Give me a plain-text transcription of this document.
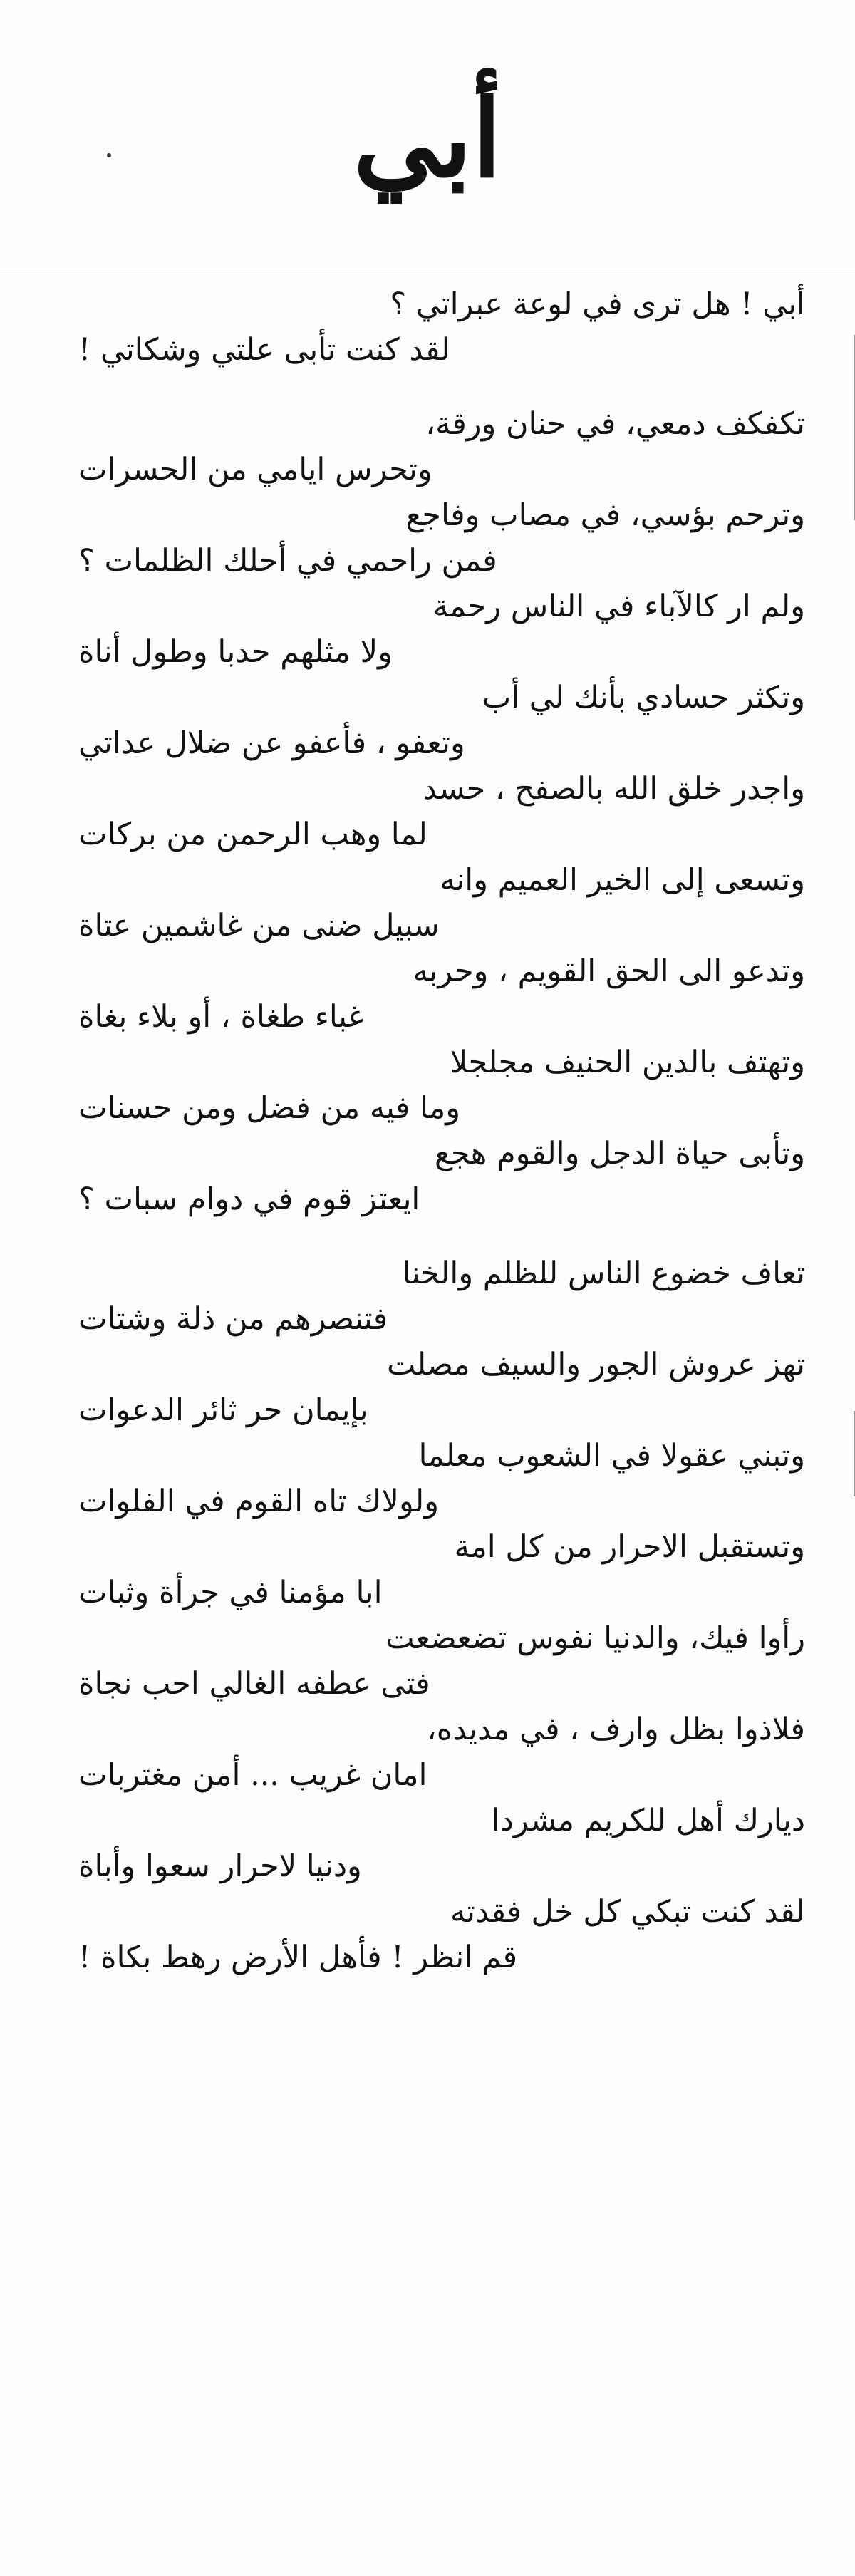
أبي
أبي ! هل ترى في لوعة عبراتي ؟
لقد كنت تأبى علتي وشكاتي !
تكفكف دمعي، في حنان ورقة،
وتحرس ايامي من الحسرات
وترحم بؤسي، في مصاب وفاجع
فمن راحمي في أحلك الظلمات ؟
ولم ار كالآباء في الناس رحمة
ولا مثلهم حدبا وطول أناة
وتكثر حسادي بأنك لي أب
وتعفو ، فأعفو عن ضلال عداتي
واجدر خلق الله بالصفح ، حسد
لما وهب الرحمن من بركات
وتسعى إلى الخير العميم وانه
سبيل ضنى من غاشمين عتاة
وتدعو الى الحق القويم ، وحربه
غباء طغاة ، أو بلاء بغاة
وتهتف بالدين الحنيف مجلجلا
وما فيه من فضل ومن حسنات
وتأبى حياة الدجل والقوم هجع
ايعتز قوم في دوام سبات ؟
تعاف خضوع الناس للظلم والخنا
فتنصرهم من ذلة وشتات
تهز عروش الجور والسيف مصلت
بإيمان حر ثائر الدعوات
وتبني عقولا في الشعوب معلما
ولولاك تاه القوم في الفلوات
وتستقبل الاحرار من كل امة
ابا مؤمنا في جرأة وثبات
رأوا فيك، والدنيا نفوس تضعضعت
فتى عطفه الغالي احب نجاة
فلاذوا بظل وارف ، في مديده،
امان غريب ... أمن مغتربات
ديارك أهل للكريم مشردا
ودنيا لاحرار سعوا وأباة
لقد كنت تبكي كل خل فقدته
قم انظر ! فأهل الأرض رهط بكاة !
